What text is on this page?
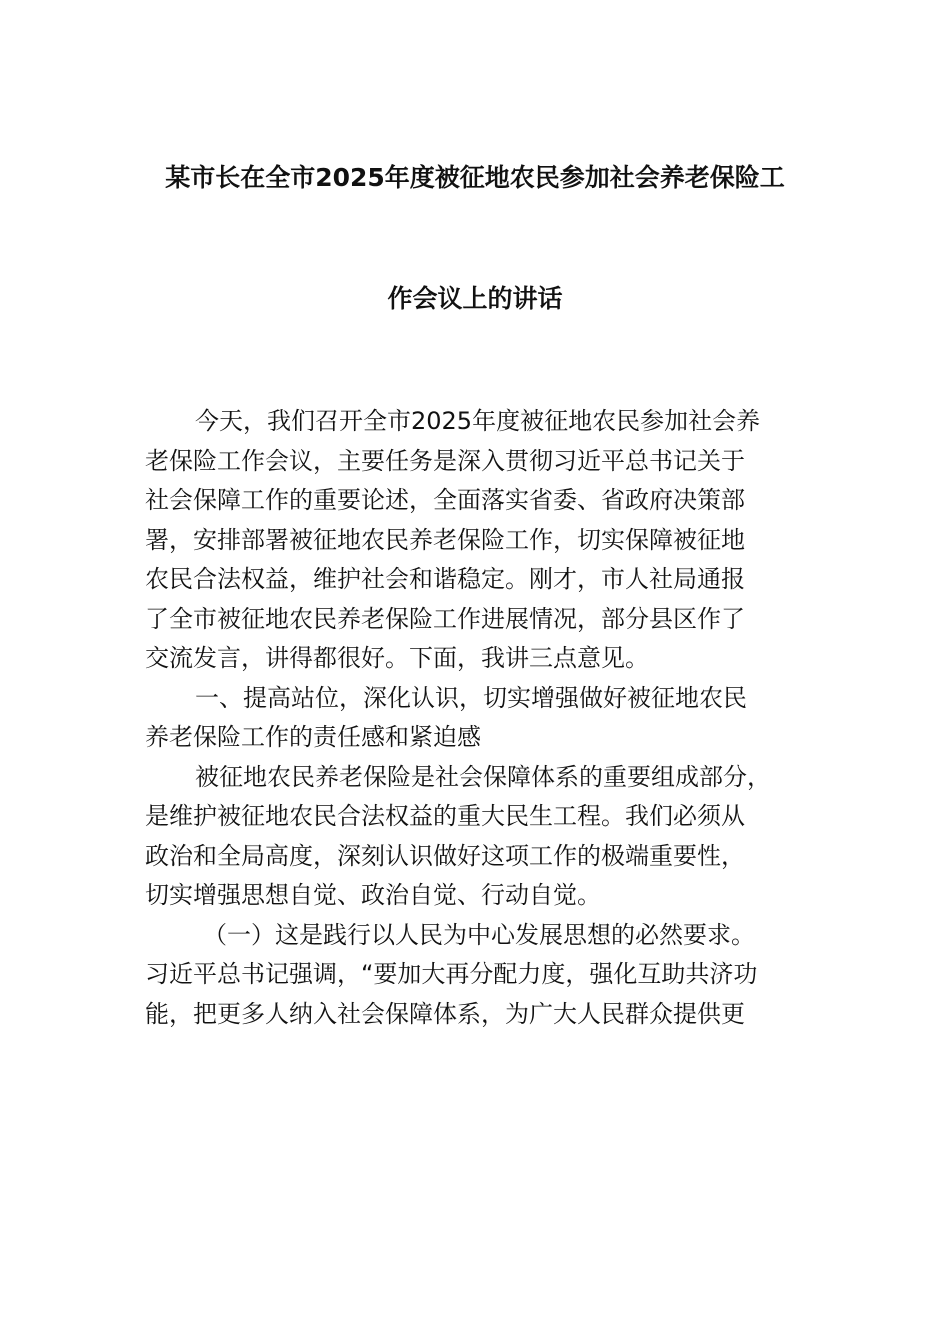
某市长在全市2025年度被征地农民参加社会养老保险工
作会议上的讲话
今天，我们召开全市2025年度被征地农民参加社会养
老保险工作会议，主要任务是深入贯彻习近平总书记关于
社会保障工作的重要论述，全面落实省委、省政府决策部
署，安排部署被征地农民养老保险工作，切实保障被征地
农民合法权益，维护社会和谐稳定。刚才，市人社局通报
了全市被征地农民养老保险工作进展情况，部分县区作了
交流发言，讲得都很好。下面，我讲三点意见。
一、提高站位，深化认识，切实增强做好被征地农民
养老保险工作的责任感和紧迫感
被征地农民养老保险是社会保障体系的重要组成部分，
是维护被征地农民合法权益的重大民生工程。我们必须从
政治和全局高度，深刻认识做好这项工作的极端重要性，
切实增强思想自觉、政治自觉、行动自觉。
（一）这是践行以人民为中心发展思想的必然要求。
习近平总书记强调，“要加大再分配力度，强化互助共济功
能，把更多人纳入社会保障体系，为广大人民群众提供更
